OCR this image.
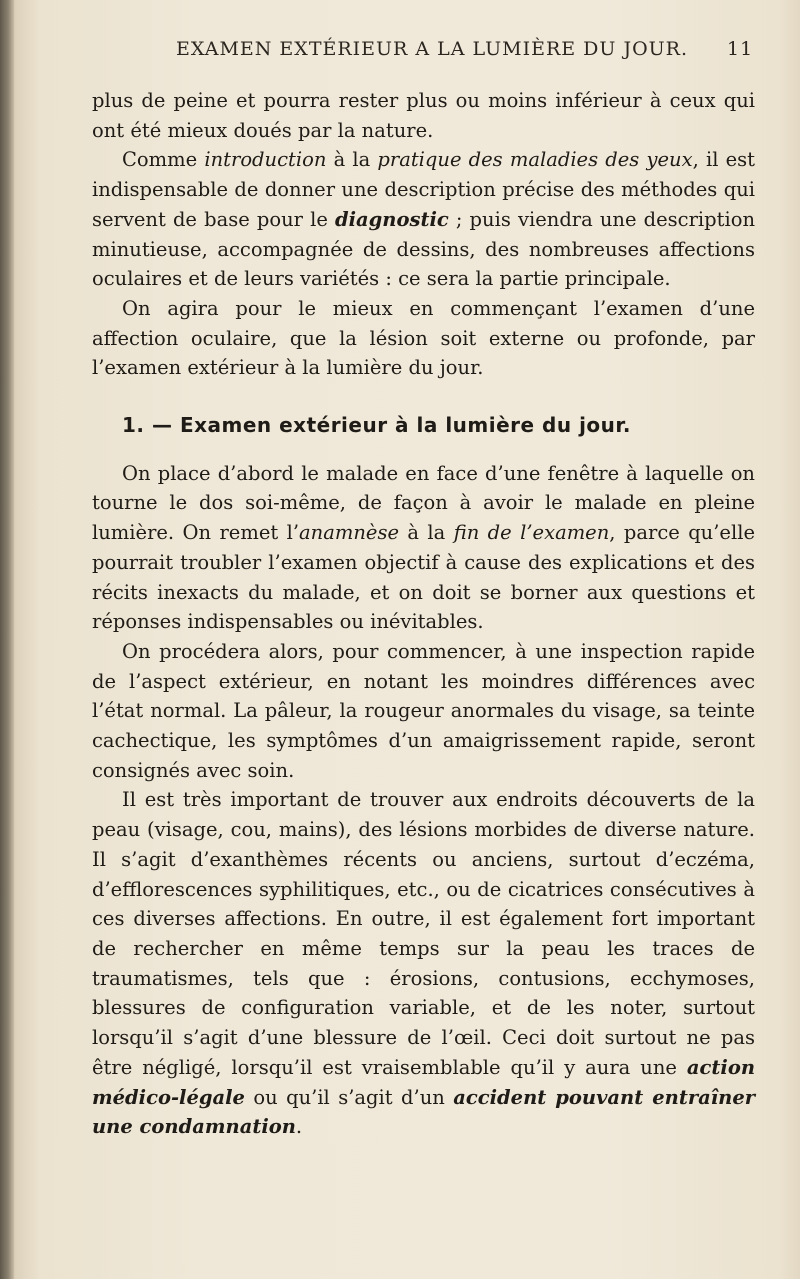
EXAMEN EXTÉRIEUR A LA LUMIÈRE DU JOUR. 11

plus de peine et pourra rester plus ou moins inférieur à ceux qui ont été mieux doués par la nature.

Comme introduction à la pratique des maladies des yeux, il est indispensable de donner une description précise des méthodes qui servent de base pour le diagnostic ; puis viendra une description minutieuse, accompagnée de dessins, des nombreuses affections oculaires et de leurs variétés : ce sera la partie principale.

On agira pour le mieux en commençant l’examen d’une affection oculaire, que la lésion soit externe ou profonde, par l’examen extérieur à la lumière du jour.

1. — Examen extérieur à la lumière du jour.

On place d’abord le malade en face d’une fenêtre à laquelle on tourne le dos soi-même, de façon à avoir le malade en pleine lumière. On remet l’anamnèse à la fin de l’examen, parce qu’elle pourrait troubler l’examen objectif à cause des explications et des récits inexacts du malade, et on doit se borner aux questions et réponses indispensables ou inévitables.

On procédera alors, pour commencer, à une inspection rapide de l’aspect extérieur, en notant les moindres différences avec l’état normal. La pâleur, la rougeur anormales du visage, sa teinte cachectique, les symptômes d’un amaigrissement rapide, seront consignés avec soin.

Il est très important de trouver aux endroits découverts de la peau (visage, cou, mains), des lésions morbides de diverse nature. Il s’agit d’exanthèmes récents ou anciens, surtout d’eczéma, d’efflorescences syphilitiques, etc., ou de cicatrices consécutives à ces diverses affections. En outre, il est également fort important de rechercher en même temps sur la peau les traces de traumatismes, tels que : érosions, contusions, ecchymoses, blessures de configuration variable, et de les noter, surtout lorsqu’il s’agit d’une blessure de l’œil. Ceci doit surtout ne pas être négligé, lorsqu’il est vraisemblable qu’il y aura une action médico-légale ou qu’il s’agit d’un accident pouvant entraîner une condamnation.
